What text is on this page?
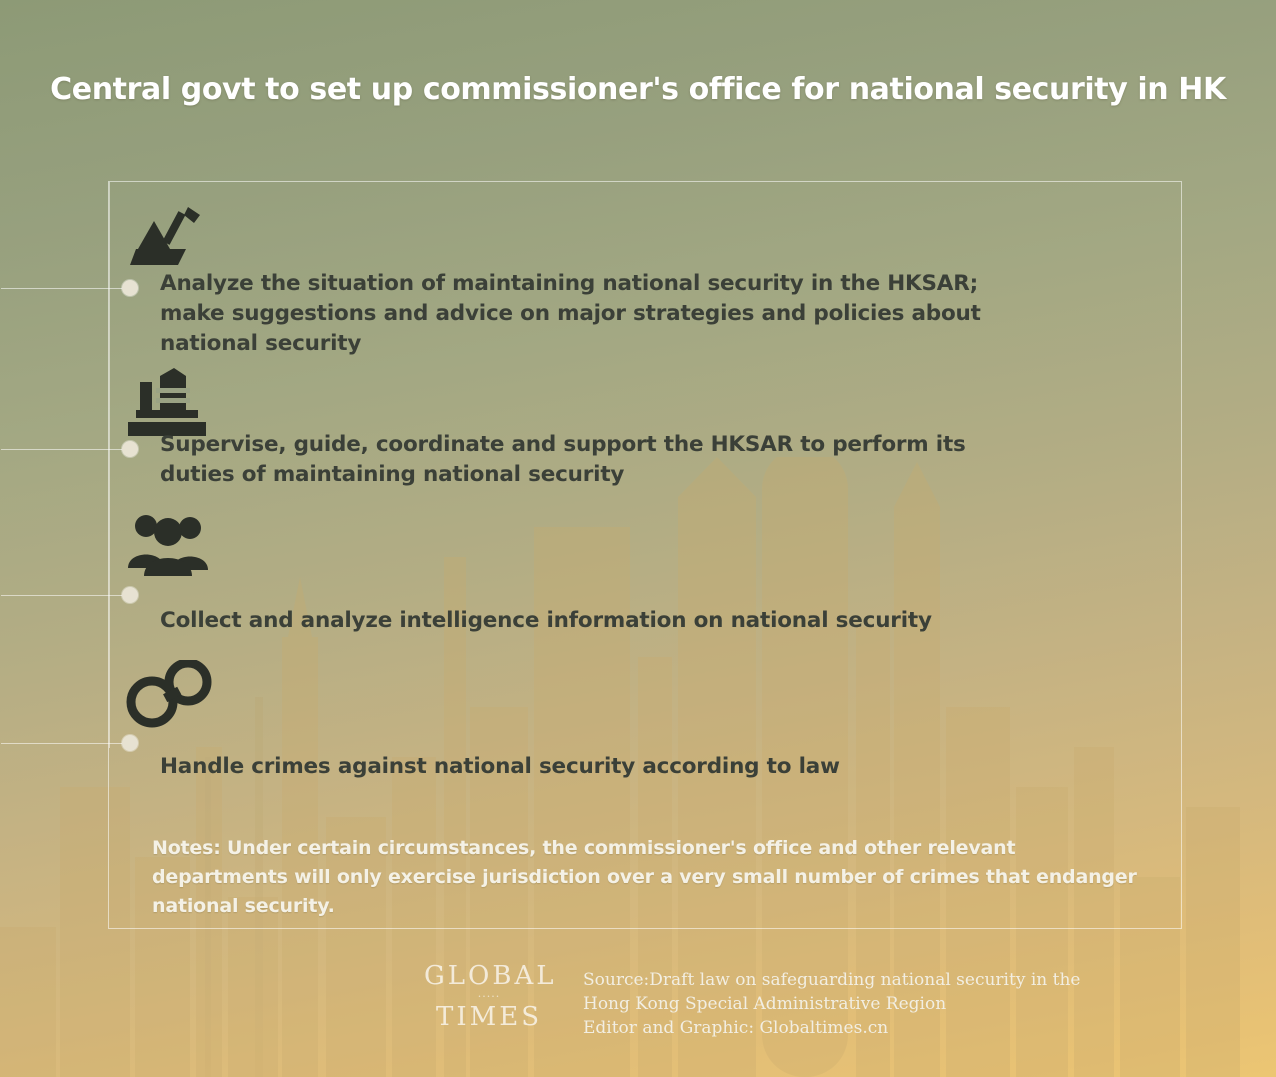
Central govt to set up commissioner's office for national security in HK
Analyze the situation of maintaining national security in the HKSAR; make suggestions and advice on major strategies and policies about national security
Supervise, guide, coordinate and support the HKSAR to perform its duties of maintaining national security
Collect and analyze intelligence information on national security
Handle crimes against national security according to law
Notes: Under certain circumstances, the commissioner's office and other relevant departments will only exercise jurisdiction over a very small number of crimes that endanger national security.
GLOBAL
·····
TIMES
Source:Draft law on safeguarding national security in the
Hong Kong Special Administrative Region
Editor and Graphic: Globaltimes.cn
